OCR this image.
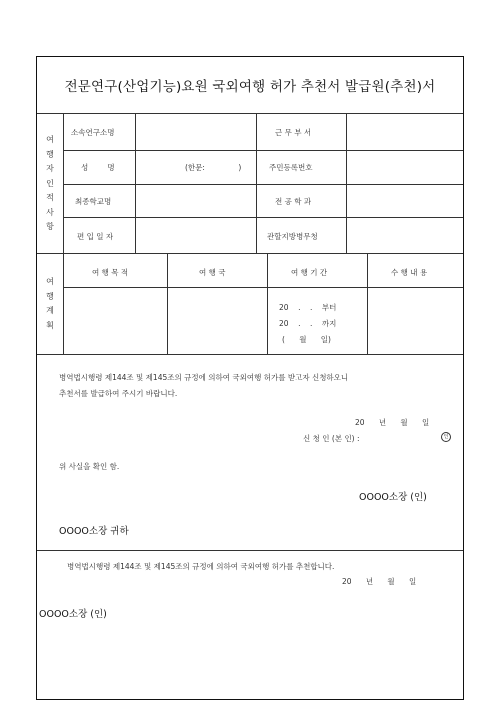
전문연구(산업기능)요원 국외여행 허가 추천서 발급원(추천)서
여
행
자
인
적
사
항
소속연구소명	근 무 부 서
성        명	(한문:              )	주민등록번호
최종학교명	전 공 학 과
편 입 일 자	관할지방병무청
여
행
계
획
여 행 목 적	여 행 국	여 행 기 간	수 행 내 용
20    .    .    부터
20    .    .    까지
(      월      일)
병역법시행령 제144조 및 제145조의 규정에 의하여 국외여행 허가를 받고자 신청하오니
추천서를 발급하여 주시기 바랍니다.
20      년      월      일
신 청 인 (본 인) :	인
위 사실을 확인 함.
OOOO소장 (인)
OOOO소장 귀하
병역법시행령 제144조 및 제145조의 규정에 의하여 국외여행 허가를 추천합니다.
20      년      월      일
OOOO소장 (인)
